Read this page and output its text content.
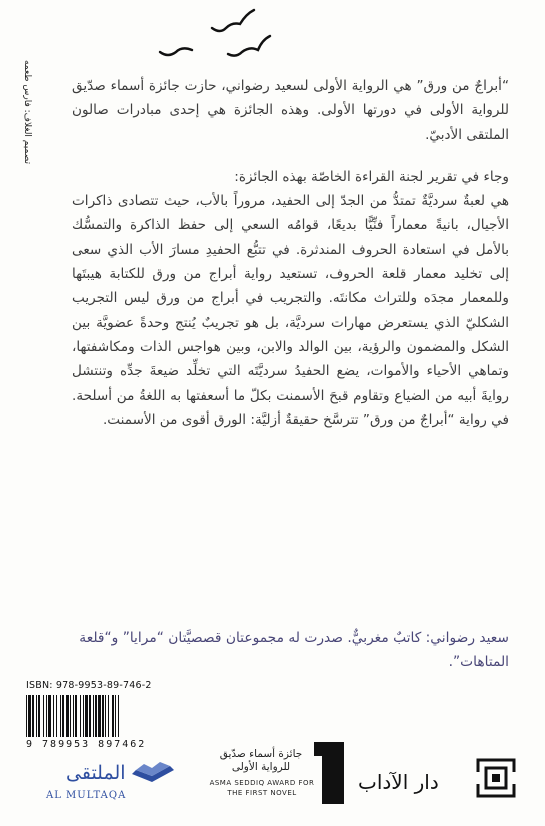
تصميم الغلاف: فارس طعمه	“أبراجٌ من ورق” هي الرواية الأولى لسعيد رضواني، حازت جائزة أسماء صدّيق للرواية الأولى في دورتها الأولى. وهذه الجائزة هي إحدى مبادرات صالون الملتقى الأدبيّ.

وجاء في تقرير لجنة القراءة الخاصّة بهذه الجائزة:

هي لعبةٌ سرديَّةٌ تمتدُّ من الجدّ إلى الحفيد، مروراً بالأب، حيث تتصادى ذاكرات الأجيال، بانيةً معماراً فنِّيًّا بديعًا، قوامُه السعي إلى حفظ الذاكرة والتمسُّك بالأمل في استعادة الحروف المندثرة. في تتبُّع الحفيدِ مسارَ الأب الذي سعى إلى تخليد معمار قلعة الحروف، تستعيد رواية أبراج من ورق للكتابة هيبتَها وللمعمار مجدَه وللتراث مكانتَه. والتجريب في أبراج من ورق ليس التجريب الشكليّ الذي يستعرض مهارات سرديَّة، بل هو تجريبٌ يُنتج وحدةً عضويَّة بين الشكل والمضمون والرؤية، بين الوالد والابن، وبين هواجس الذات ومكاشفتها، وتماهي الأحياء والأموات، يضع الحفيدُ سرديَّتَه التي تخلِّد ضيعةَ جدِّه وتنتشل روايةَ أبيه من الضياع وتقاوم قبحَ الأسمنت بكلّ ما أسعفتها به اللغةُ من أسلحة. في رواية “أبراجٌ من ورق” تترسَّخ حقيقةٌ أزليَّة: الورق أقوى من الأسمنت.

سعيد رضواني: كاتبٌ مغربيٌّ. صدرت له مجموعتان قصصيَّتان “مرايا” و“قلعة المتاهات”.

ISBN: 978-9953-89-746-2
9 789953 897462
الملتقى
AL MULTAQA
جائزة أسماء صدّيق للرواية الأولى
ASMA SEDDIQ AWARD FOR THE FIRST NOVEL	دار الآداب
